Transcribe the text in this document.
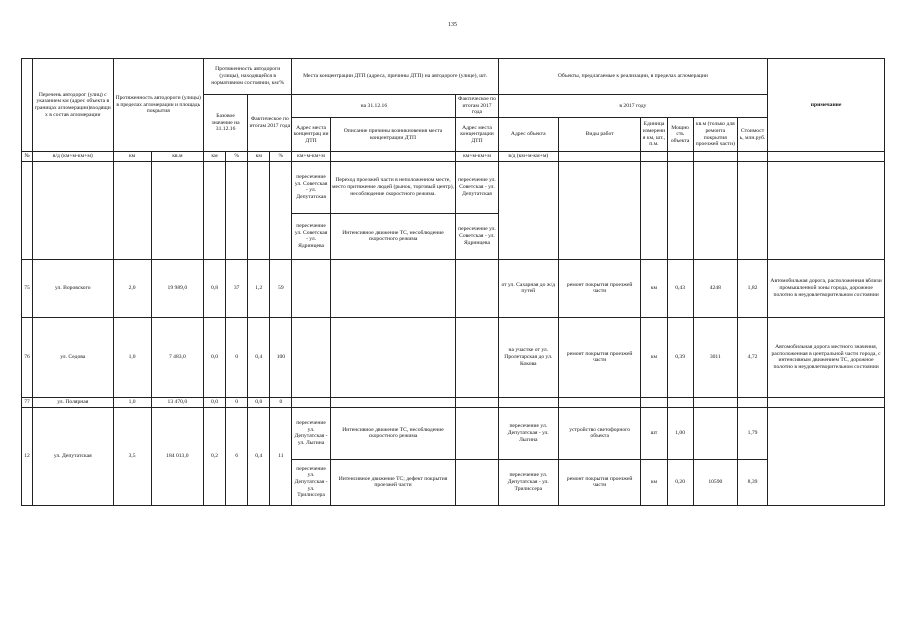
135
	Перечень автодорог (улиц) с указанием км (адрес объекта в границах агломерации)входящи х в состав агломерации	Протяженность автодороги (улицы) в пределах агломерации и площадь покрытия		Протяженность автодороги (улицы), находящейся в нормативном состоянии, км/%				Места концентрации ДТП (адреса, причины ДТП) на автодороге (улице), шт.			Объекты, предлагаемые к реализации, в пределах агломерации						примечание
				Базовое значение на 31.12.16		Фактическое по итогам 2017 года		на 31.12.16		Фактическое по итогам 2017 года	в 2017 году						
								Адрес места концентрац ии ДТП	Описание причины возникновения места концентрации ДТП	Адрес места концентрации ДТП	Адрес объекта	Виды работ	Единица измерени я км, шт., п.м.	Мощно сть объекта	кв.м (только для ремонта покрытия проезжей части)	Стоимост ь, млн.руб.	

№	в/д (км+м-км+м)	км	кв.м	км	%	км	%	км+м-км+м		км+м-км+м	в/д (км+м-км+м)						
								пересечение ул. Советская - ул. Депутатская	Переход проезжей части в неположенном месте, место притяжение людей (рынок, торговый центр), несоблюдение скоростного режима.	пересечение ул. Советская - ул. Депутатская							
								пересечение ул. Советская - ул. Ядринцева	Интенсивное движение ТС, несоблюдение скоростного режима	пересечение ул. Советская - ул. Ядринцева							
75	ул. Воровского	2,0	19 989,0	0,8	37	1,2	59				от ул. Сахарная до ж/д путей	ремонт покрытия проезжей части	км	0,43	4248	1,82	Автомобильная дорога, расположенная вблизи промышленной зоны города, дорожное полотно в неудовлетворительном состоянии
76	ул. Седова	1,0	7 483,0	0,0	0	0,4	100				на участке от ул. Пролетарская до ул. Кокова	ремонт покрытия проезжей части	км	0,39	3011	4,72	Автомобильная дорога местного значения, расположенная в центральной части города, с интенсивным движением ТС, дорожное полотно в неудовлетворительном состоянии
77	ул. Полярная	1,0	13 470,0	0,0	0	0,0	0										
12	ул. Депутатская	3,5	184 013,0	0,2	6	0,4	11	пересечение ул. Депутатская - ул. Лыгина	Интенсивное движение ТС, несоблюдение скоростного режима		пересечение ул. Депутатская - ул. Лыгина	устройство светофорного объекта	шт	1,00		1,79	
								пересечение ул. Депутатская - ул. Трилиссера	Интенсивное движение ТС; дефект покрытия проезжей части		пересечение ул. Депутатская - ул. Трилиссера	ремонт покрытия проезжей части	км	0,20	10590	8,39	
